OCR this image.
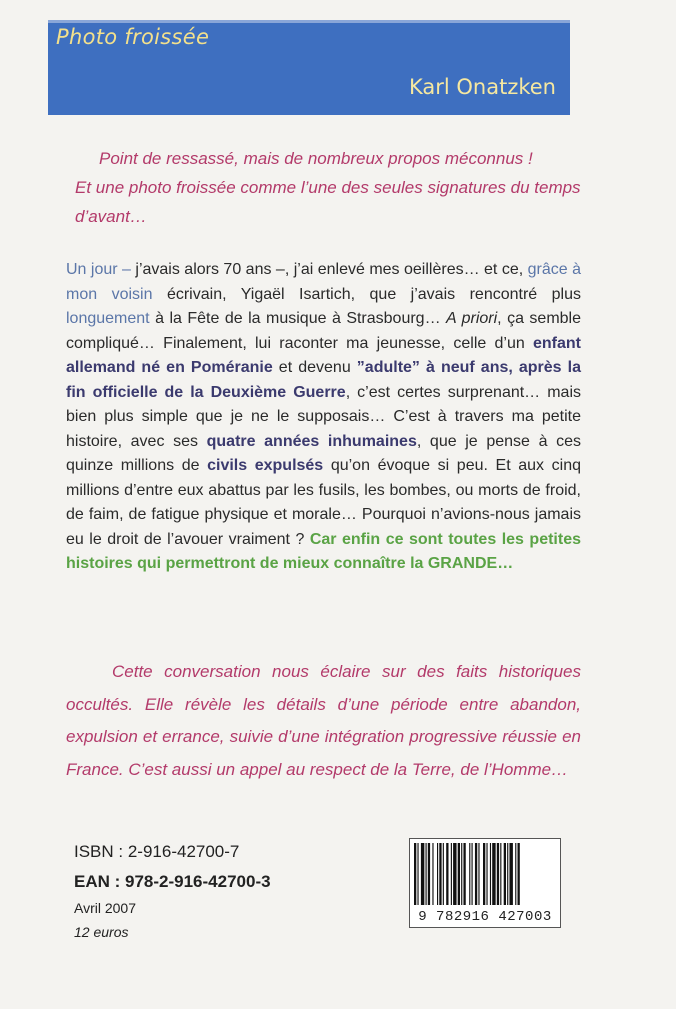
Photo froissée
Karl Onatzken

Point de ressassé, mais de nombreux propos méconnus !

Et une photo froissée comme l’une des seules signatures du temps d’avant…

Un jour – j’avais alors 70 ans –, j’ai enlevé mes oeillères… et ce, grâce à mon voisin écrivain, Yigaël Isartich, que j’avais rencontré plus longuement à la Fête de la musique à Strasbourg… A priori, ça semble compliqué… Finalement, lui raconter ma jeunesse, celle d’un enfant allemand né en Poméranie et devenu ”adulte” à neuf ans, après la fin officielle de la Deuxième Guerre, c’est certes surprenant… mais bien plus simple que je ne le supposais… C’est à travers ma petite histoire, avec ses quatre années inhumaines, que je pense à ces quinze millions de civils expulsés qu’on évoque si peu. Et aux cinq millions d’entre eux abattus par les fusils, les bombes, ou morts de froid, de faim, de fatigue physique et morale… Pourquoi n’avions-nous jamais eu le droit de l’avouer vraiment ? Car enfin ce sont toutes les petites histoires qui permettront de mieux connaître la GRANDE…

Cette conversation nous éclaire sur des faits historiques occultés. Elle révèle les détails d’une période entre abandon, expulsion et errance, suivie d’une intégration progressive réussie en France. C’est aussi un appel au respect de la Terre, de l’Homme…

ISBN : 2-916-42700-7
EAN : 978-2-916-42700-3
Avril 2007
12 euros
9 782916 427003
